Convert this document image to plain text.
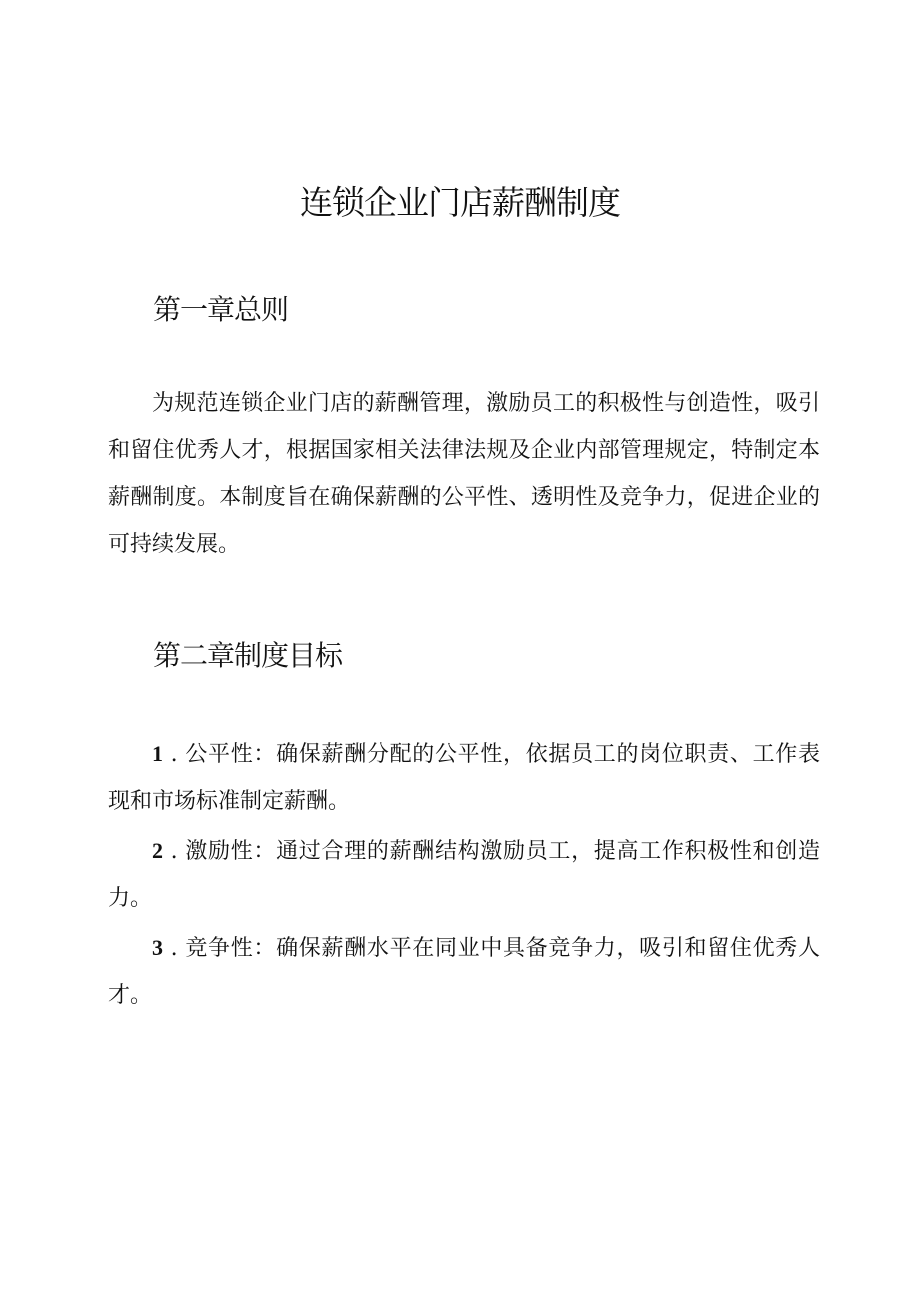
连锁企业门店薪酬制度
第一章总则

为规范连锁企业门店的薪酬管理，激励员工的积极性与创造性，吸引和留住优秀人才，根据国家相关法律法规及企业内部管理规定，特制定本薪酬制度。本制度旨在确保薪酬的公平性、透明性及竞争力，促进企业的可持续发展。

第二章制度目标

1 . 公平性：确保薪酬分配的公平性，依据员工的岗位职责、工作表现和市场标准制定薪酬。

2 . 激励性：通过合理的薪酬结构激励员工，提高工作积极性和创造力。

3 . 竞争性：确保薪酬水平在同业中具备竞争力，吸引和留住优秀人才。
